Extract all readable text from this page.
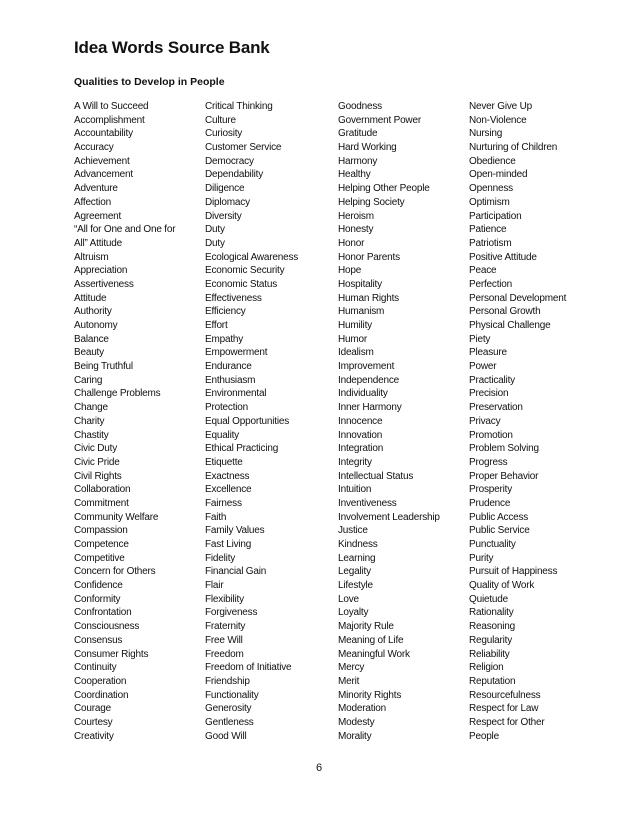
Idea Words Source Bank
Qualities to Develop in People
A Will to Succeed
Accomplishment
Accountability
Accuracy
Achievement
Advancement
Adventure
Affection
Agreement
“All for One and One for
All” Attitude
Altruism
Appreciation
Assertiveness
Attitude
Authority
Autonomy
Balance
Beauty
Being Truthful
Caring
Challenge Problems
Change
Charity
Chastity
Civic Duty
Civic Pride
Civil Rights
Collaboration
Commitment
Community Welfare
Compassion
Competence
Competitive
Concern for Others
Confidence
Conformity
Confrontation
Consciousness
Consensus
Consumer Rights
Continuity
Cooperation
Coordination
Courage
Courtesy
Creativity
Critical Thinking
Culture
Curiosity
Customer Service
Democracy
Dependability
Diligence
Diplomacy
Diversity
Duty
Duty
Ecological Awareness
Economic Security
Economic Status
Effectiveness
Efficiency
Effort
Empathy
Empowerment
Endurance
Enthusiasm
Environmental
Protection
Equal Opportunities
Equality
Ethical Practicing
Etiquette
Exactness
Excellence
Fairness
Faith
Family Values
Fast Living
Fidelity
Financial Gain
Flair
Flexibility
Forgiveness
Fraternity
Free Will
Freedom
Freedom of Initiative
Friendship
Functionality
Generosity
Gentleness
Good Will
Goodness
Government Power
Gratitude
Hard Working
Harmony
Healthy
Helping Other People
Helping Society
Heroism
Honesty
Honor
Honor Parents
Hope
Hospitality
Human Rights
Humanism
Humility
Humor
Idealism
Improvement
Independence
Individuality
Inner Harmony
Innocence
Innovation
Integration
Integrity
Intellectual Status
Intuition
Inventiveness
Involvement Leadership
Justice
Kindness
Learning
Legality
Lifestyle
Love
Loyalty
Majority Rule
Meaning of Life
Meaningful Work
Mercy
Merit
Minority Rights
Moderation
Modesty
Morality
Never Give Up
Non-Violence
Nursing
Nurturing of Children
Obedience
Open-minded
Openness
Optimism
Participation
Patience
Patriotism
Positive Attitude
Peace
Perfection
Personal Development
Personal Growth
Physical Challenge
Piety
Pleasure
Power
Practicality
Precision
Preservation
Privacy
Promotion
Problem Solving
Progress
Proper Behavior
Prosperity
Prudence
Public Access
Public Service
Punctuality
Purity
Pursuit of Happiness
Quality of Work
Quietude
Rationality
Reasoning
Regularity
Reliability
Religion
Reputation
Resourcefulness
Respect for Law
Respect for Other
People
6
